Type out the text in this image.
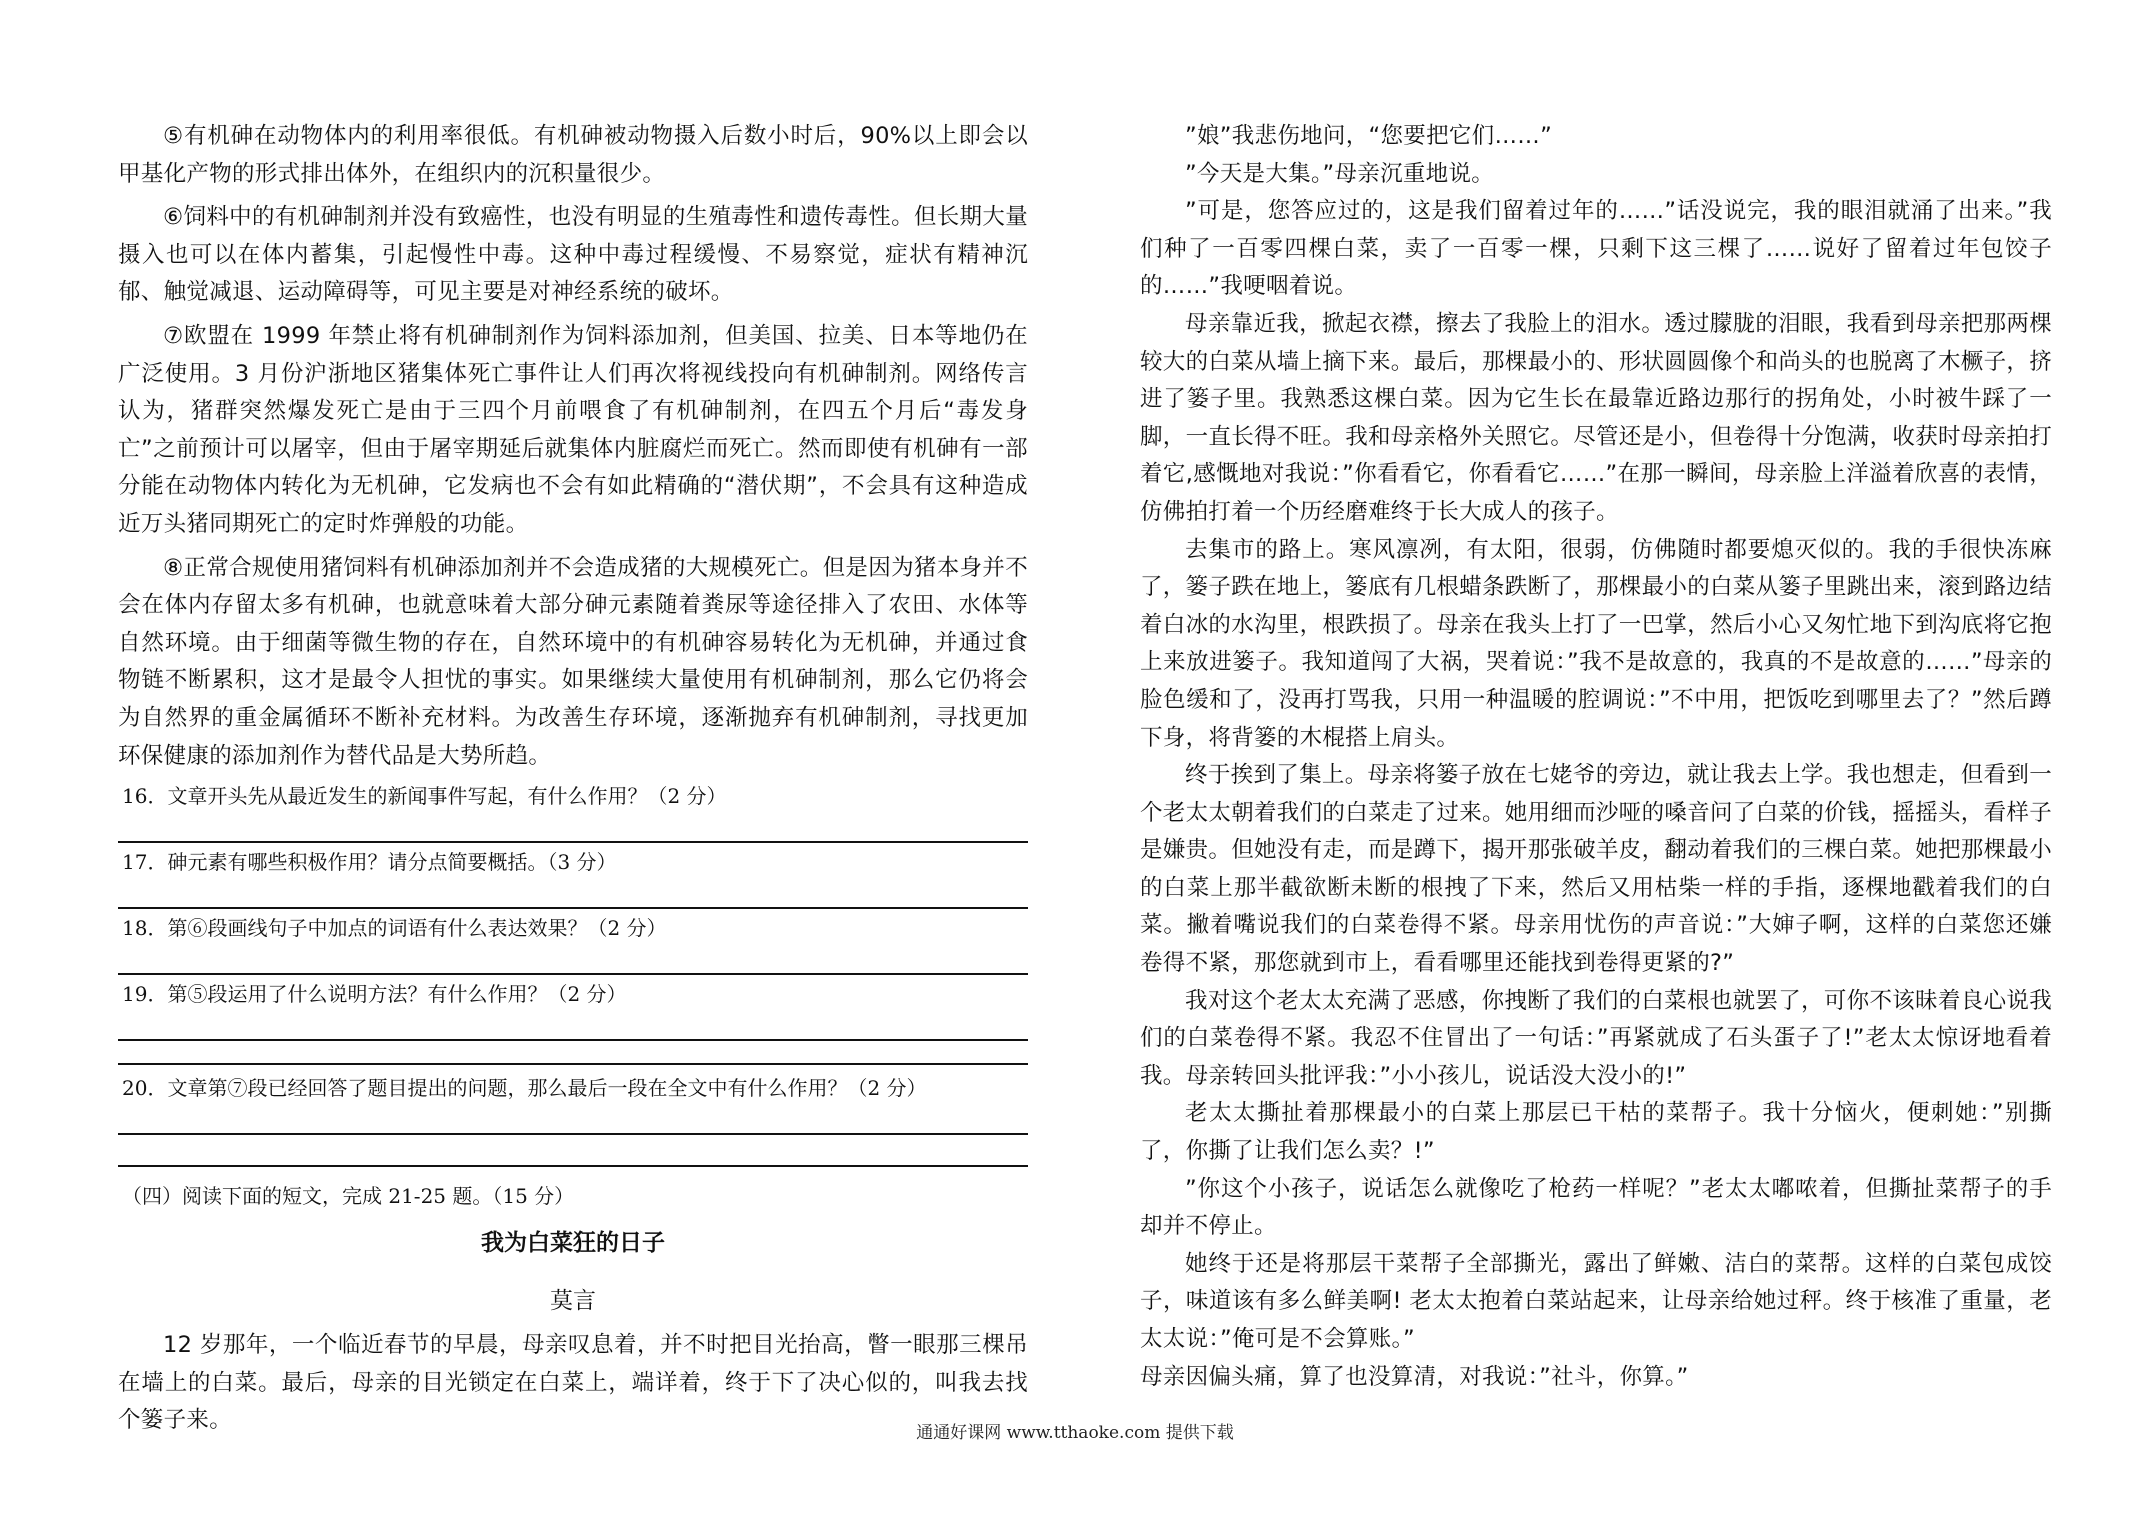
⑤有机砷在动物体内的利用率很低。有机砷被动物摄入后数小时后，90%以上即会以甲基化产物的形式排出体外，在组织内的沉积量很少。

⑥饲料中的有机砷制剂并没有致癌性，也没有明显的生殖毒性和遗传毒性。但长期大量摄入也可以在体内蓄集，引起慢性中毒。这种中毒过程缓慢、不易察觉，症状有精神沉郁、触觉减退、运动障碍等，可见主要是对神经系统的破坏。

⑦欧盟在 1999 年禁止将有机砷制剂作为饲料添加剂，但美国、拉美、日本等地仍在广泛使用。3 月份沪浙地区猪集体死亡事件让人们再次将视线投向有机砷制剂。网络传言认为，猪群突然爆发死亡是由于三四个月前喂食了有机砷制剂，在四五个月后“毒发身亡”之前预计可以屠宰，但由于屠宰期延后就集体内脏腐烂而死亡。然而即使有机砷有一部分能在动物体内转化为无机砷，它发病也不会有如此精确的“潜伏期”，不会具有这种造成近万头猪同期死亡的定时炸弹般的功能。

⑧正常合规使用猪饲料有机砷添加剂并不会造成猪的大规模死亡。但是因为猪本身并不会在体内存留太多有机砷，也就意味着大部分砷元素随着粪尿等途径排入了农田、水体等自然环境。由于细菌等微生物的存在，自然环境中的有机砷容易转化为无机砷，并通过食物链不断累积，这才是最令人担忧的事实。如果继续大量使用有机砷制剂，那么它仍将会为自然界的重金属循环不断补充材料。为改善生存环境，逐渐抛弃有机砷制剂，寻找更加环保健康的添加剂作为替代品是大势所趋。

16．文章开头先从最近发生的新闻事件写起，有什么作用？（2 分）

17．砷元素有哪些积极作用？请分点简要概括。（3 分）

18．第⑥段画线句子中加点的词语有什么表达效果？（2 分）

19．第⑤段运用了什么说明方法？有什么作用？（2 分）

20．文章第⑦段已经回答了题目提出的问题，那么最后一段在全文中有什么作用？（2 分）

（四）阅读下面的短文，完成 21-25 题。（15 分）

我为白菜狂的日子
莫言

12 岁那年，一个临近春节的早晨，母亲叹息着，并不时把目光抬高，瞥一眼那三棵吊在墙上的白菜。最后，母亲的目光锁定在白菜上，端详着，终于下了决心似的，叫我去找个篓子来。

”娘”我悲伤地问，“您要把它们……”

”今天是大集。”母亲沉重地说。

”可是，您答应过的，这是我们留着过年的……”话没说完，我的眼泪就涌了出来。”我们种了一百零四棵白菜，卖了一百零一棵，只剩下这三棵了……说好了留着过年包饺子的……”我哽咽着说。

母亲靠近我，掀起衣襟，擦去了我脸上的泪水。透过朦胧的泪眼，我看到母亲把那两棵较大的白菜从墙上摘下来。最后，那棵最小的、形状圆圆像个和尚头的也脱离了木橛子，挤进了篓子里。我熟悉这棵白菜。因为它生长在最靠近路边那行的拐角处，小时被牛踩了一脚，一直长得不旺。我和母亲格外关照它。尽管还是小，但卷得十分饱满，收获时母亲拍打着它,感慨地对我说：”你看看它，你看看它……”在那一瞬间，母亲脸上洋溢着欣喜的表情，仿佛拍打着一个历经磨难终于长大成人的孩子。

去集市的路上。寒风凛冽，有太阳，很弱，仿佛随时都要熄灭似的。我的手很快冻麻了，篓子跌在地上，篓底有几根蜡条跌断了，那棵最小的白菜从篓子里跳出来，滚到路边结着白冰的水沟里，根跌损了。母亲在我头上打了一巴掌，然后小心又匆忙地下到沟底将它抱上来放进篓子。我知道闯了大祸，哭着说：”我不是故意的，我真的不是故意的……”母亲的脸色缓和了，没再打骂我，只用一种温暖的腔调说：”不中用，把饭吃到哪里去了？”然后蹲下身，将背篓的木棍搭上肩头。

终于挨到了集上。母亲将篓子放在七姥爷的旁边，就让我去上学。我也想走，但看到一个老太太朝着我们的白菜走了过来。她用细而沙哑的嗓音问了白菜的价钱，摇摇头，看样子是嫌贵。但她没有走，而是蹲下，揭开那张破羊皮，翻动着我们的三棵白菜。她把那棵最小的白菜上那半截欲断未断的根拽了下来，然后又用枯柴一样的手指，逐棵地戳着我们的白菜。撇着嘴说我们的白菜卷得不紧。母亲用忧伤的声音说：”大婶子啊，这样的白菜您还嫌卷得不紧，那您就到市上，看看哪里还能找到卷得更紧的?”

我对这个老太太充满了恶感，你拽断了我们的白菜根也就罢了，可你不该昧着良心说我们的白菜卷得不紧。我忍不住冒出了一句话：”再紧就成了石头蛋子了!”老太太惊讶地看着我。母亲转回头批评我：”小小孩儿，说话没大没小的!”

老太太撕扯着那棵最小的白菜上那层已干枯的菜帮子。我十分恼火，便刺她：”别撕了，你撕了让我们怎么卖？!”

”你这个小孩子，说话怎么就像吃了枪药一样呢？”老太太嘟哝着，但撕扯菜帮子的手却并不停止。

她终于还是将那层干菜帮子全部撕光，露出了鲜嫩、洁白的菜帮。这样的白菜包成饺子，味道该有多么鲜美啊! 老太太抱着白菜站起来，让母亲给她过秤。终于核准了重量，老太太说：”俺可是不会算账。”

母亲因偏头痛，算了也没算清，对我说：”社斗，你算。”

通通好课网 www.tthaoke.com 提供下载
